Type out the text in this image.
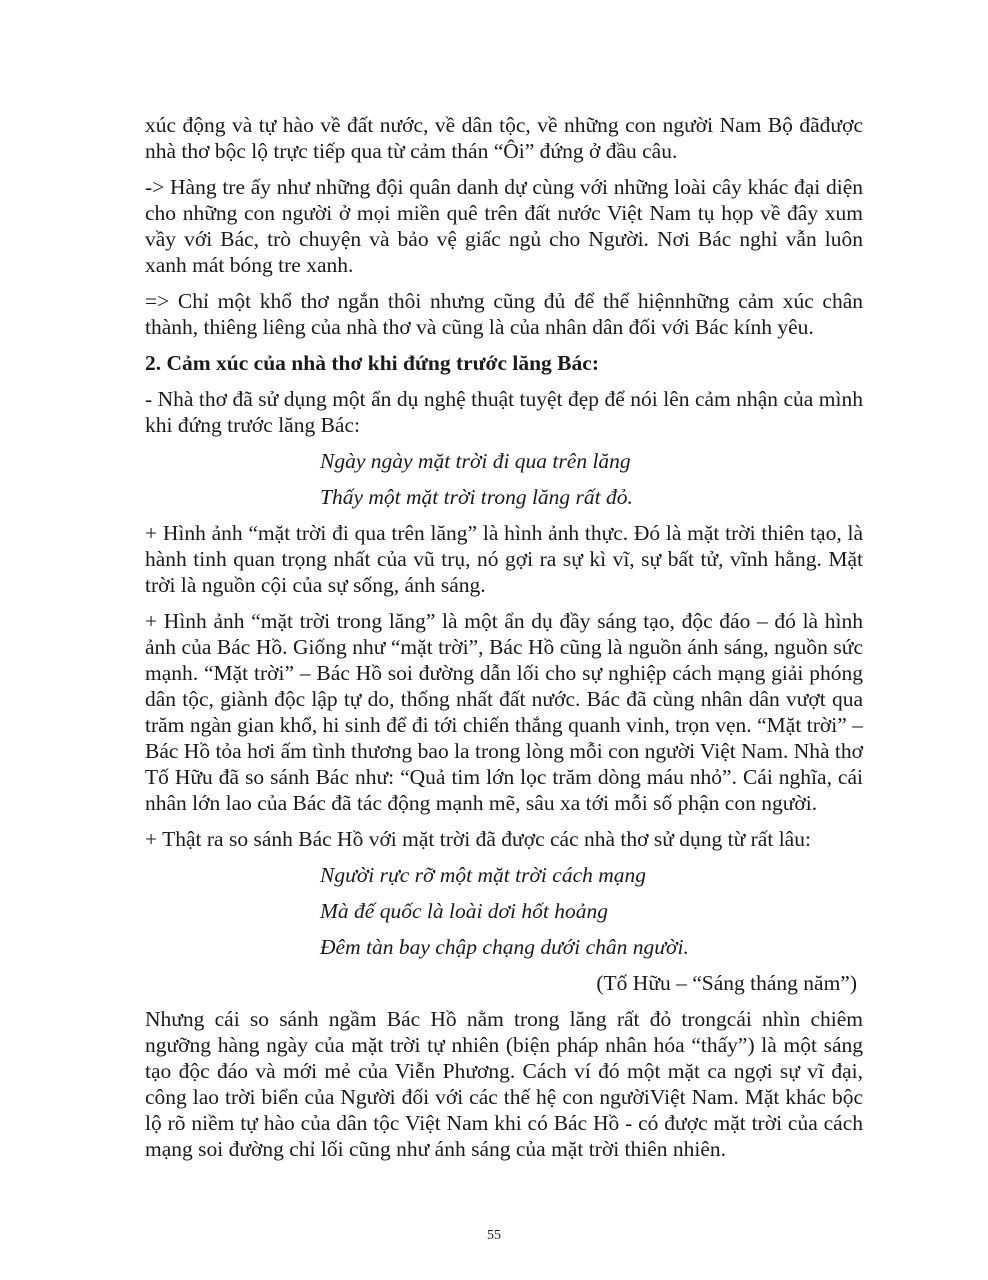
xúc động và tự hào về đất nước, về dân tộc, về những con người Nam Bộ đãđược nhà thơ bộc lộ trực tiếp qua từ cảm thán “Ôi” đứng ở đầu câu.

-> Hàng tre ấy như những đội quân danh dự cùng với những loài cây khác đại diện cho những con người ở mọi miền quê trên đất nước Việt Nam tụ họp về đây xum vầy với Bác, trò chuyện và bảo vệ giấc ngủ cho Người. Nơi Bác nghỉ vẫn luôn xanh mát bóng tre xanh.

=> Chỉ một khổ thơ ngắn thôi nhưng cũng đủ để thể hiệnnhững cảm xúc chân thành, thiêng liêng của nhà thơ và cũng là của nhân dân đối với Bác kính yêu.

2. Cảm xúc của nhà thơ khi đứng trước lăng Bác:

- Nhà thơ đã sử dụng một ẩn dụ nghệ thuật tuyệt đẹp để nói lên cảm nhận của mình khi đứng trước lăng Bác:

Ngày ngày mặt trời đi qua trên lăng
Thấy một mặt trời trong lăng rất đỏ.

+ Hình ảnh “mặt trời đi qua trên lăng” là hình ảnh thực. Đó là mặt trời thiên tạo, là hành tinh quan trọng nhất của vũ trụ, nó gợi ra sự kì vĩ, sự bất tử, vĩnh hằng. Mặt trời là nguồn cội của sự sống, ánh sáng.

+ Hình ảnh “mặt trời trong lăng” là một ẩn dụ đầy sáng tạo, độc đáo – đó là hình ảnh của Bác Hồ. Giống như “mặt trời”, Bác Hồ cũng là nguồn ánh sáng, nguồn sức mạnh. “Mặt trời” – Bác Hồ soi đường dẫn lối cho sự nghiệp cách mạng giải phóng dân tộc, giành độc lập tự do, thống nhất đất nước. Bác đã cùng nhân dân vượt qua trăm ngàn gian khổ, hi sinh để đi tới chiến thắng quanh vinh, trọn vẹn. “Mặt trời” – Bác Hồ tỏa hơi ấm tình thương bao la trong lòng mỗi con người Việt Nam. Nhà thơ Tố Hữu đã so sánh Bác như: “Quả tim lớn lọc trăm dòng máu nhỏ”. Cái nghĩa, cái nhân lớn lao của Bác đã tác động mạnh mẽ, sâu xa tới mỗi số phận con người.

+ Thật ra so sánh Bác Hồ với mặt trời đã được các nhà thơ sử dụng từ rất lâu:

Người rực rỡ một mặt trời cách mạng
Mà đế quốc là loài dơi hốt hoảng
Đêm tàn bay chập chạng dưới chân người.

(Tố Hữu – “Sáng tháng năm”)

Nhưng cái so sánh ngầm Bác Hồ nằm trong lăng rất đỏ trongcái nhìn chiêm ngưỡng hàng ngày của mặt trời tự nhiên (biện pháp nhân hóa “thấy”) là một sáng tạo độc đáo và mới mẻ của Viễn Phương. Cách ví đó một mặt ca ngợi sự vĩ đại, công lao trời biển của Người đối với các thế hệ con ngườiViệt Nam. Mặt khác bộc lộ rõ niềm tự hào của dân tộc Việt Nam khi có Bác Hồ - có được mặt trời của cách mạng soi đường chỉ lối cũng như ánh sáng của mặt trời thiên nhiên.

55
